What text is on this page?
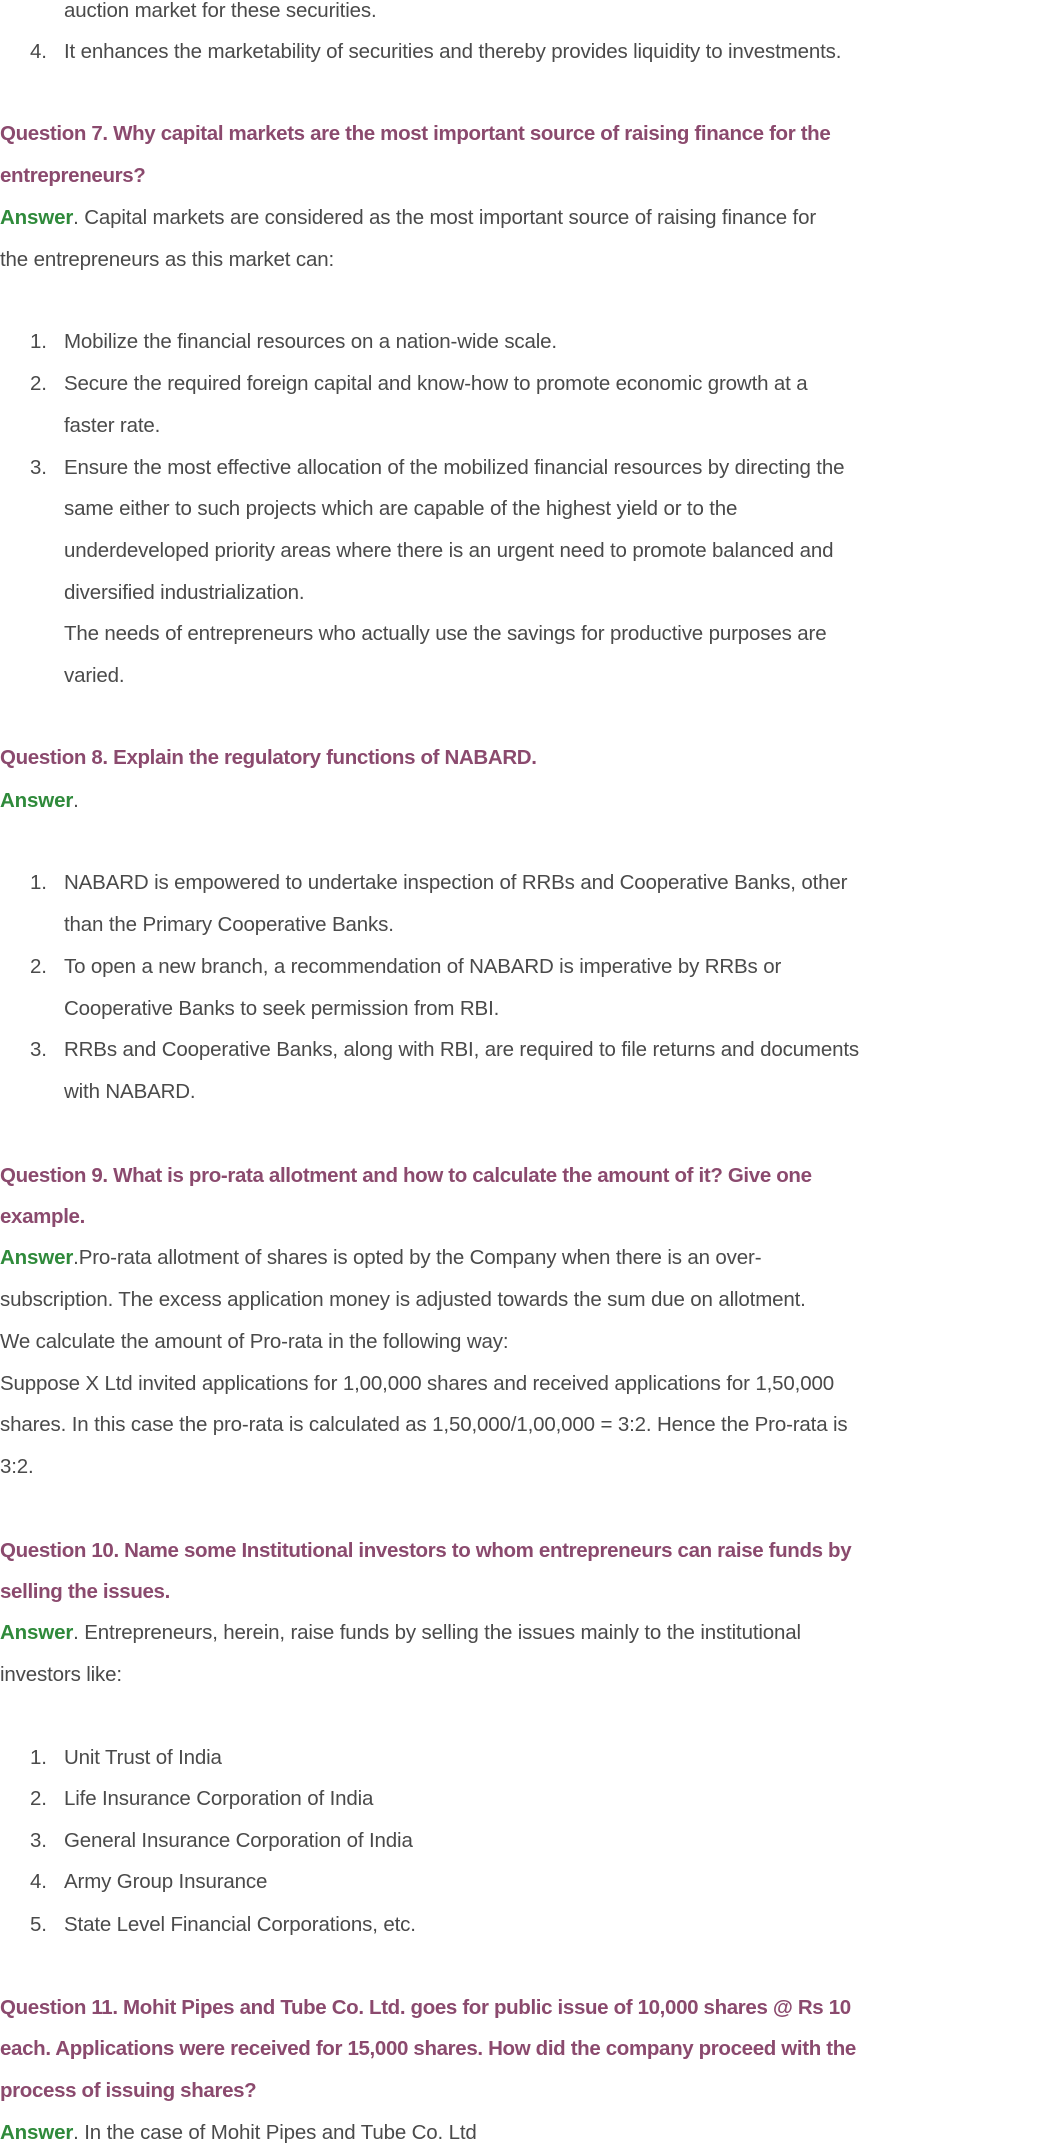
auction market for these securities.
4. It enhances the marketability of securities and thereby provides liquidity to investments.
Question 7. Why capital markets are the most important source of raising finance for the
entrepreneurs?
Answer. Capital markets are considered as the most important source of raising finance for
the entrepreneurs as this market can:
1. Mobilize the financial resources on a nation-wide scale.
2. Secure the required foreign capital and know-how to promote economic growth at a
faster rate.
3. Ensure the most effective allocation of the mobilized financial resources by directing the
same either to such projects which are capable of the highest yield or to the
underdeveloped priority areas where there is an urgent need to promote balanced and
diversified industrialization.
The needs of entrepreneurs who actually use the savings for productive purposes are
varied.
Question 8. Explain the regulatory functions of NABARD.
Answer.
1. NABARD is empowered to undertake inspection of RRBs and Cooperative Banks, other
than the Primary Cooperative Banks.
2. To open a new branch, a recommendation of NABARD is imperative by RRBs or
Cooperative Banks to seek permission from RBI.
3. RRBs and Cooperative Banks, along with RBI, are required to file returns and documents
with NABARD.
Question 9. What is pro-rata allotment and how to calculate the amount of it? Give one
example.
Answer.Pro-rata allotment of shares is opted by the Company when there is an over-
subscription. The excess application money is adjusted towards the sum due on allotment.
We calculate the amount of Pro-rata in the following way:
Suppose X Ltd invited applications for 1,00,000 shares and received applications for 1,50,000
shares. In this case the pro-rata is calculated as 1,50,000/1,00,000 = 3:2. Hence the Pro-rata is
3:2.
Question 10. Name some Institutional investors to whom entrepreneurs can raise funds by
selling the issues.
Answer. Entrepreneurs, herein, raise funds by selling the issues mainly to the institutional
investors like:
1. Unit Trust of India
2. Life Insurance Corporation of India
3. General Insurance Corporation of India
4. Army Group Insurance
5. State Level Financial Corporations, etc.
Question 11. Mohit Pipes and Tube Co. Ltd. goes for public issue of 10,000 shares @ Rs 10
each. Applications were received for 15,000 shares. How did the company proceed with the
process of issuing shares?
Answer. In the case of Mohit Pipes and Tube Co. Ltd
